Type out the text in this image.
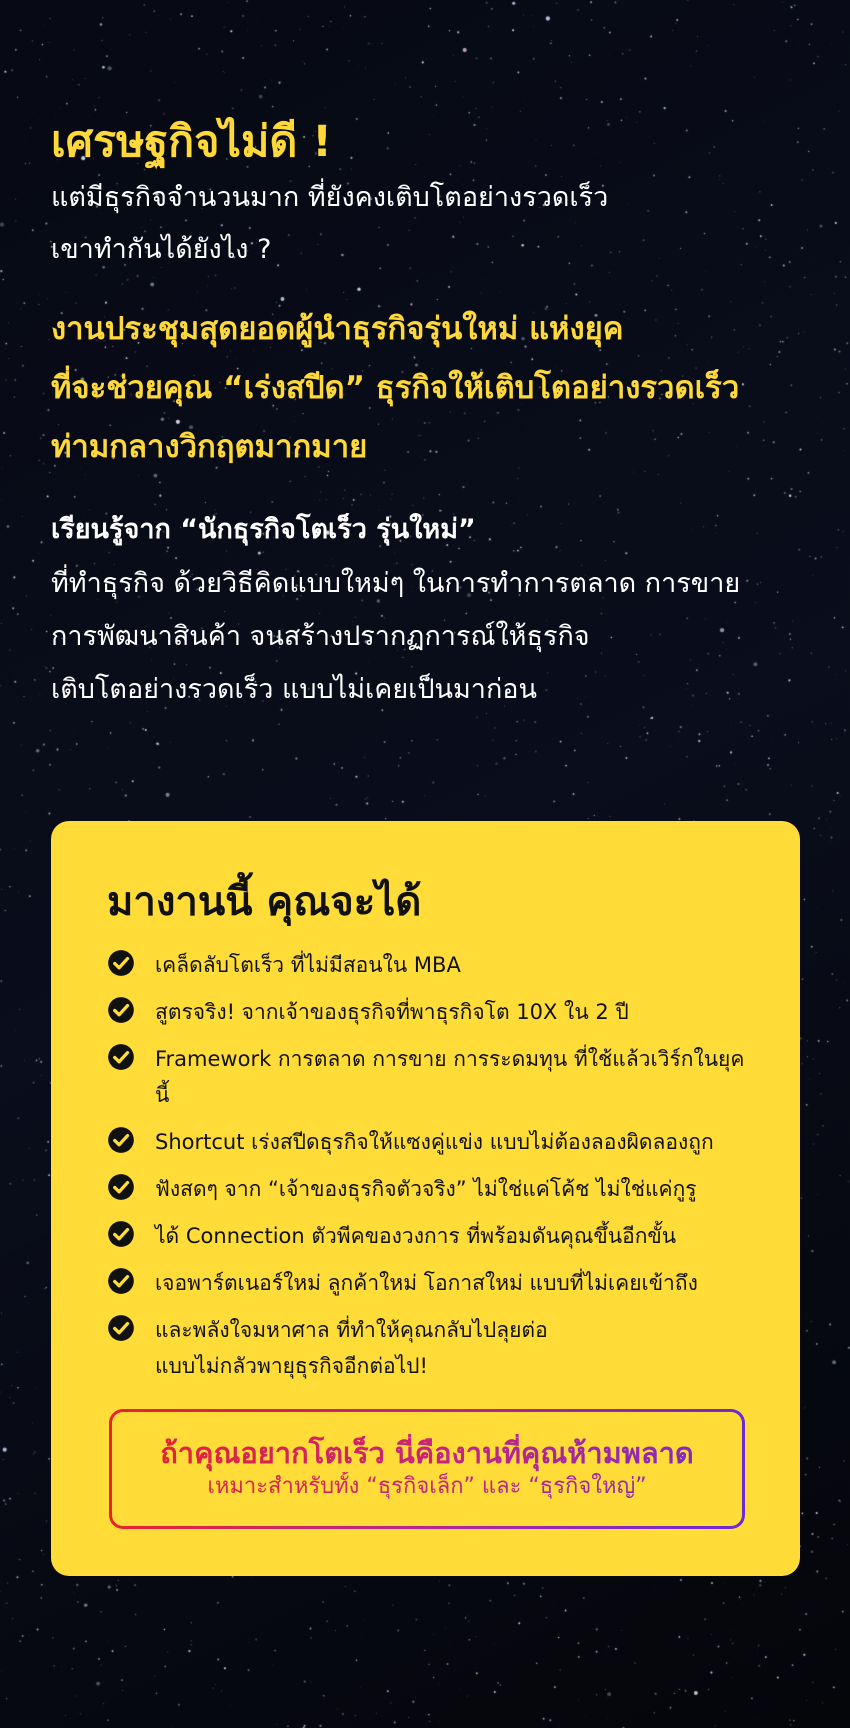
เศรษฐกิจไม่ดี !

แต่มีธุรกิจจำนวนมาก ที่ยังคงเติบโตอย่างรวดเร็ว

เขาทำกันได้ยังไง ?

งานประชุมสุดยอดผู้นำธุรกิจรุ่นใหม่ แห่งยุค

ที่จะช่วยคุณ “เร่งสปีด” ธุรกิจให้เติบโตอย่างรวดเร็ว

ท่ามกลางวิกฤตมากมาย

เรียนรู้จาก “นักธุรกิจโตเร็ว รุ่นใหม่”

ที่ทำธุรกิจ ด้วยวิธีคิดแบบใหม่ๆ ในการทำการตลาด การขาย

การพัฒนาสินค้า จนสร้างปรากฏการณ์ให้ธุรกิจ

เติบโตอย่างรวดเร็ว แบบไม่เคยเป็นมาก่อน

มางานนี้ คุณจะได้
เคล็ดลับโตเร็ว ที่ไม่มีสอนใน MBA
สูตรจริง! จากเจ้าของธุรกิจที่พาธุรกิจโต 10X ใน 2 ปี
Framework การตลาด การขาย การระดมทุน ที่ใช้แล้วเวิร์กในยุคนี้
Shortcut เร่งสปีดธุรกิจให้แซงคู่แข่ง แบบไม่ต้องลองผิดลองถูก
ฟังสดๆ จาก “เจ้าของธุรกิจตัวจริง” ไม่ใช่แค่โค้ช ไม่ใช่แค่กูรู
ได้ Connection ตัวพีคของวงการ ที่พร้อมดันคุณขึ้นอีกขั้น
เจอพาร์ตเนอร์ใหม่ ลูกค้าใหม่ โอกาสใหม่ แบบที่ไม่เคยเข้าถึง
และพลังใจมหาศาล ที่ทำให้คุณกลับไปลุยต่อ
แบบไม่กลัวพายุธุรกิจอีกต่อไป!

ถ้าคุณอยากโตเร็ว นี่คืองานที่คุณห้ามพลาด

เหมาะสำหรับทั้ง “ธุรกิจเล็ก” และ “ธุรกิจใหญ่”
